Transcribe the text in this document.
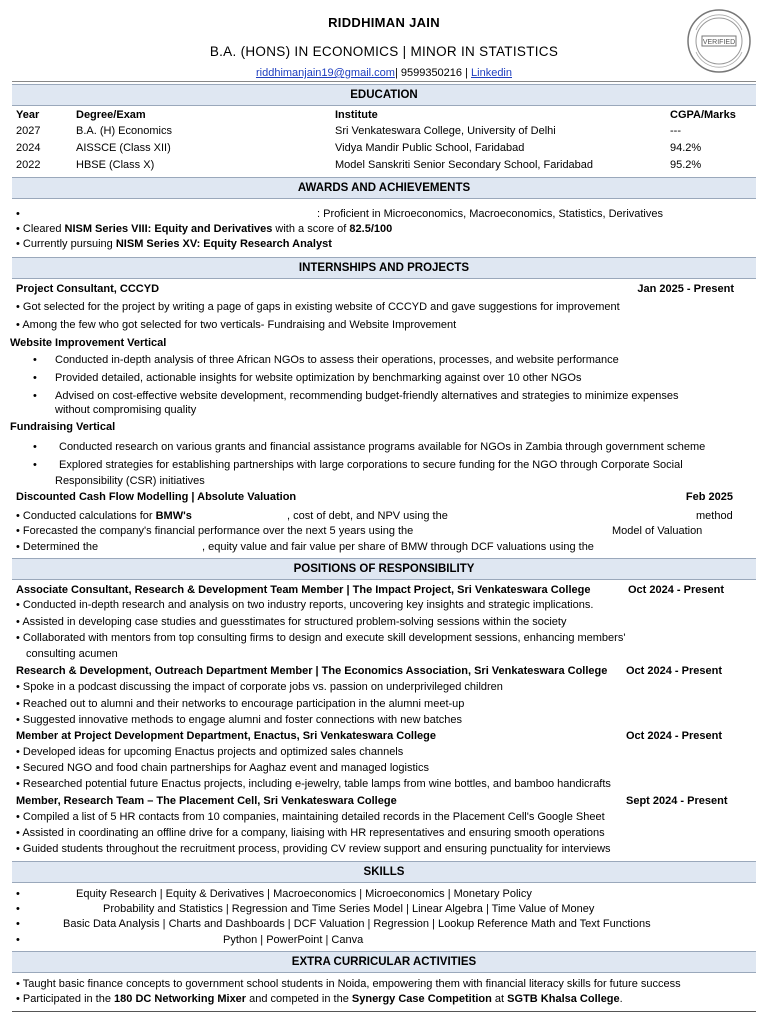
RIDDHIMAN JAIN
B.A. (HONS) IN ECONOMICS | MINOR IN STATISTICS
riddhimanjain19@gmail.com| 9599350216 | Linkedin
VERIFIED
EDUCATION
Year	Degree/Exam	Institute	CGPA/Marks
2027	B.A. (H) Economics	Sri Venkateswara College, University of Delhi	---
2024	AISSCE (Class XII)	Vidya Mandir Public School, Faridabad	94.2%
2022	HBSE (Class X)	Model Sanskriti Senior Secondary School, Faridabad	95.2%
AWARDS AND ACHIEVEMENTS
•	: Proficient in Microeconomics, Macroeconomics, Statistics, Derivatives
• Cleared NISM Series VIII: Equity and Derivatives with a score of 82.5/100
• Currently pursuing NISM Series XV: Equity Research Analyst
INTERNSHIPS AND PROJECTS
Project Consultant, CCCYD	Jan 2025 - Present
• Got selected for the project by writing a page of gaps in existing website of CCCYD and gave suggestions for improvement
• Among the few who got selected for two verticals- Fundraising and Website Improvement
Website Improvement Vertical
• Conducted in-depth analysis of three African NGOs to assess their operations, processes, and website performance
• Provided detailed, actionable insights for website optimization by benchmarking against over 10 other NGOs
• Advised on cost-effective website development, recommending budget-friendly alternatives and strategies to minimize expenses
without compromising quality
Fundraising Vertical
• Conducted research on various grants and financial assistance programs available for NGOs in Zambia through government scheme
• Explored strategies for establishing partnerships with large corporations to secure funding for the NGO through Corporate Social
Responsibility (CSR) initiatives
Discounted Cash Flow Modelling | Absolute Valuation	Feb 2025
• Conducted calculations for BMW's	, cost of debt, and NPV using the	method
• Forecasted the company's financial performance over the next 5 years using the	Model of Valuation
• Determined the	, equity value and fair value per share of BMW through DCF valuations using the
POSITIONS OF RESPONSIBILITY
Associate Consultant, Research & Development Team Member | The Impact Project, Sri Venkateswara College	Oct 2024 - Present
• Conducted in-depth research and analysis on two industry reports, uncovering key insights and strategic implications.
• Assisted in developing case studies and guesstimates for structured problem-solving sessions within the society
• Collaborated with mentors from top consulting firms to design and execute skill development sessions, enhancing members'
consulting acumen
Research & Development, Outreach Department Member | The Economics Association, Sri Venkateswara College Oct 2024 - Present
• Spoke in a podcast discussing the impact of corporate jobs vs. passion on underprivileged children
• Reached out to alumni and their networks to encourage participation in the alumni meet-up
• Suggested innovative methods to engage alumni and foster connections with new batches
Member at Project Development Department, Enactus, Sri Venkateswara College	Oct 2024 - Present
• Developed ideas for upcoming Enactus projects and optimized sales channels
• Secured NGO and food chain partnerships for Aaghaz event and managed logistics
• Researched potential future Enactus projects, including e-jewelry, table lamps from wine bottles, and bamboo handicrafts
Member, Research Team – The Placement Cell, Sri Venkateswara College	Sept 2024 - Present
• Compiled a list of 5 HR contacts from 10 companies, maintaining detailed records in the Placement Cell's Google Sheet
• Assisted in coordinating an offline drive for a company, liaising with HR representatives and ensuring smooth operations
• Guided students throughout the recruitment process, providing CV review support and ensuring punctuality for interviews
SKILLS
•	Equity Research | Equity & Derivatives | Macroeconomics | Microeconomics | Monetary Policy
•	Probability and Statistics | Regression and Time Series Model | Linear Algebra | Time Value of Money
•	Basic Data Analysis | Charts and Dashboards | DCF Valuation | Regression | Lookup Reference Math and Text Functions
•	Python | PowerPoint | Canva
EXTRA CURRICULAR ACTIVITIES
• Taught basic finance concepts to government school students in Noida, empowering them with financial literacy skills for future success
• Participated in the 180 DC Networking Mixer and competed in the Synergy Case Competition at SGTB Khalsa College.
